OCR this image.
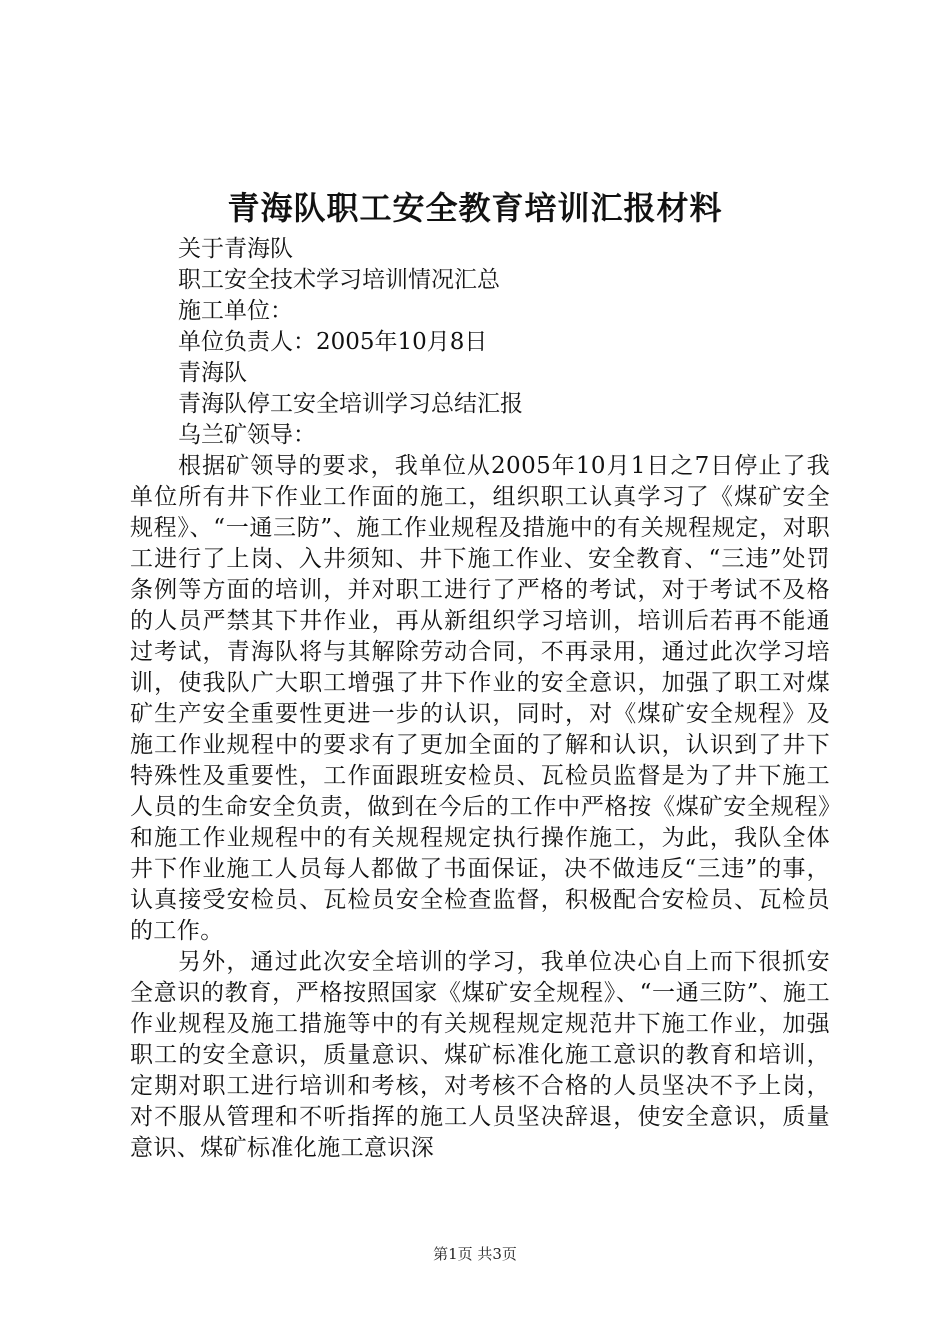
青海队职工安全教育培训汇报材料

关于青海队

职工安全技术学习培训情况汇总

施工单位：

单位负责人：2005年10月8日

青海队

青海队停工安全培训学习总结汇报

乌兰矿领导：

根据矿领导的要求，我单位从2005年10月1日之7日停止了我单位所有井下作业工作面的施工，组织职工认真学习了《煤矿安全规程》、“一通三防”、施工作业规程及措施中的有关规程规定，对职工进行了上岗、入井须知、井下施工作业、安全教育、“三违”处罚条例等方面的培训，并对职工进行了严格的考试，对于考试不及格的人员严禁其下井作业，再从新组织学习培训，培训后若再不能通过考试，青海队将与其解除劳动合同，不再录用，通过此次学习培训，使我队广大职工增强了井下作业的安全意识，加强了职工对煤矿生产安全重要性更进一步的认识，同时，对《煤矿安全规程》及施工作业规程中的要求有了更加全面的了解和认识，认识到了井下特殊性及重要性，工作面跟班安检员、瓦检员监督是为了井下施工人员的生命安全负责，做到在今后的工作中严格按《煤矿安全规程》和施工作业规程中的有关规程规定执行操作施工，为此，我队全体井下作业施工人员每人都做了书面保证，决不做违反“三违”的事，认真接受安检员、瓦检员安全检查监督，积极配合安检员、瓦检员的工作。

另外，通过此次安全培训的学习，我单位决心自上而下很抓安全意识的教育，严格按照国家《煤矿安全规程》、“一通三防”、施工作业规程及施工措施等中的有关规程规定规范井下施工作业，加强职工的安全意识，质量意识、煤矿标准化施工意识的教育和培训，定期对职工进行培训和考核，对考核不合格的人员坚决不予上岗，对不服从管理和不听指挥的施工人员坚决辞退，使安全意识，质量意识、煤矿标准化施工意识深

第1页 共3页
